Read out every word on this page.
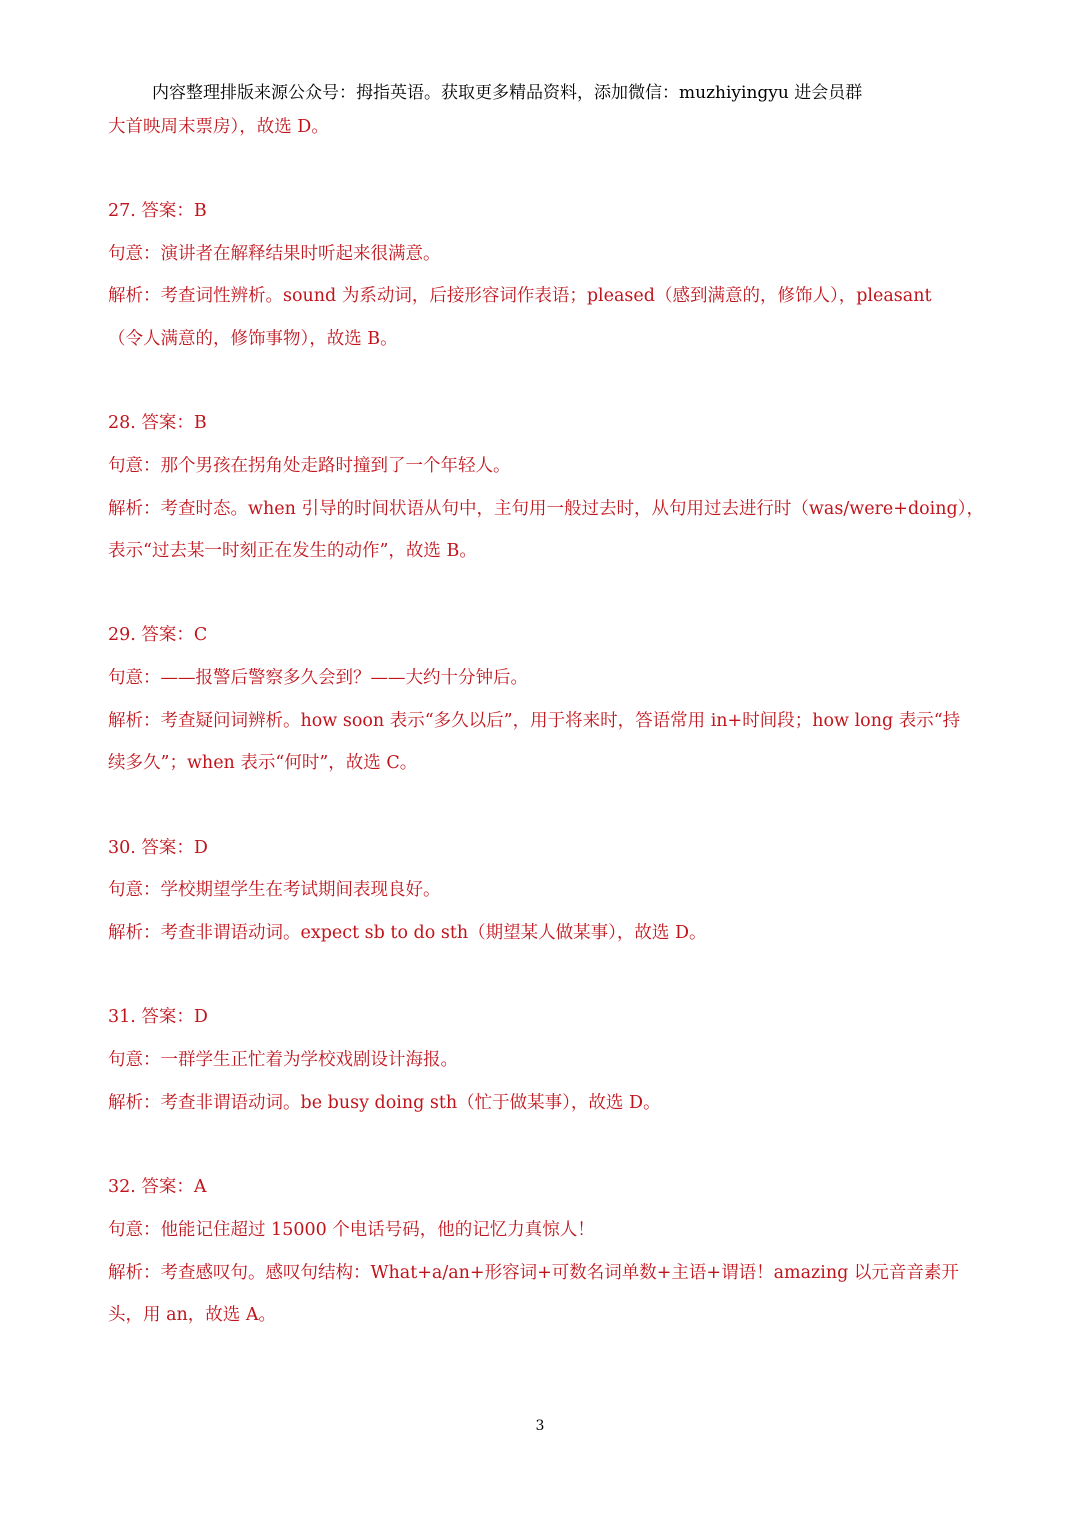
内容整理排版来源公众号：拇指英语。获取更多精品资料，添加微信：muzhiyingyu 进会员群
大首映周末票房），故选 D。
27. 答案：B
句意：演讲者在解释结果时听起来很满意。
解析：考查词性辨析。sound 为系动词，后接形容词作表语；pleased（感到满意的，修饰人），pleasant
（令人满意的，修饰事物），故选 B。
28. 答案：B
句意：那个男孩在拐角处走路时撞到了一个年轻人。
解析：考查时态。when 引导的时间状语从句中，主句用一般过去时，从句用过去进行时（was/were+doing），
表示“过去某一时刻正在发生的动作”，故选 B。
29. 答案：C
句意：——报警后警察多久会到？——大约十分钟后。
解析：考查疑问词辨析。how soon 表示“多久以后”，用于将来时，答语常用 in+时间段；how long 表示“持
续多久”；when 表示“何时”，故选 C。
30. 答案：D
句意：学校期望学生在考试期间表现良好。
解析：考查非谓语动词。expect sb to do sth（期望某人做某事），故选 D。
31. 答案：D
句意：一群学生正忙着为学校戏剧设计海报。
解析：考查非谓语动词。be busy doing sth（忙于做某事），故选 D。
32. 答案：A
句意：他能记住超过 15000 个电话号码，他的记忆力真惊人！
解析：考查感叹句。感叹句结构：What+a/an+形容词+可数名词单数+主语+谓语！amazing 以元音音素开
头，用 an，故选 A。
3
